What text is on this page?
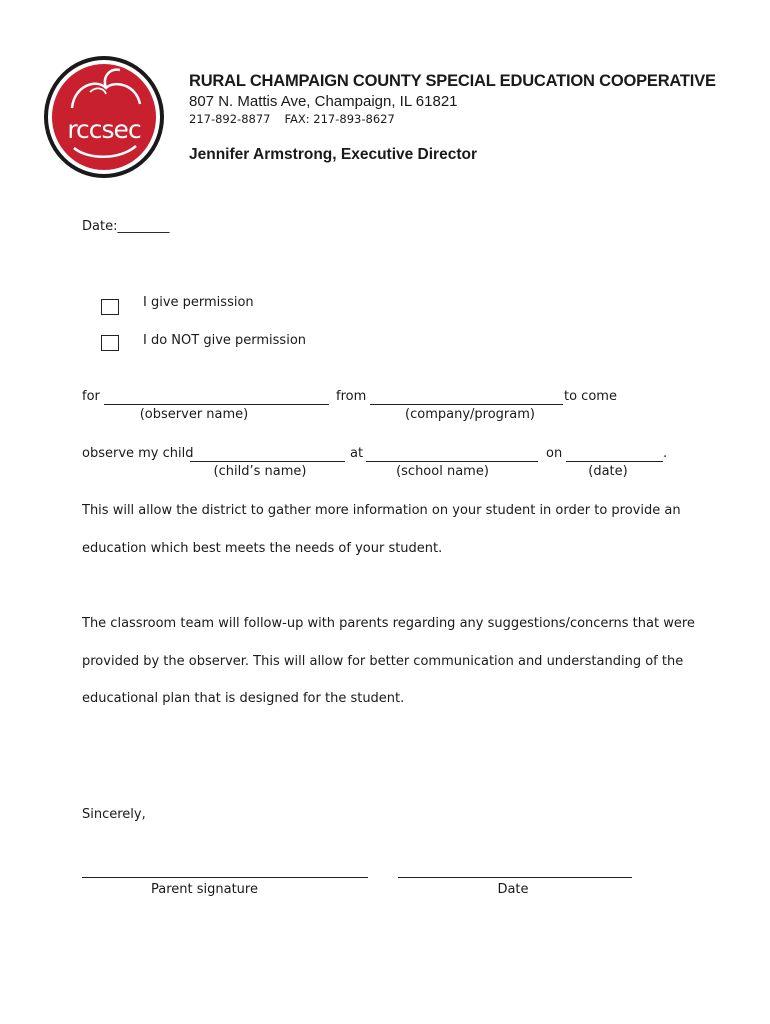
rccsec
RURAL CHAMPAIGN COUNTY SPECIAL EDUCATION COOPERATIVE
807 N. Mattis Ave, Champaign, IL 61821
217-892-8877 FAX: 217-893-8627
Jennifer Armstrong, Executive Director
Date:________
I give permission
I do NOT give permission
for	from	to come
(observer name)	(company/program)
observe my child	at	on	.
(child’s name)	(school name)	(date)
This will allow the district to gather more information on your student in order to provide an
education which best meets the needs of your student.
The classroom team will follow-up with parents regarding any suggestions/concerns that were
provided by the observer. This will allow for better communication and understanding of the
educational plan that is designed for the student.
Sincerely,
Parent signature	Date
